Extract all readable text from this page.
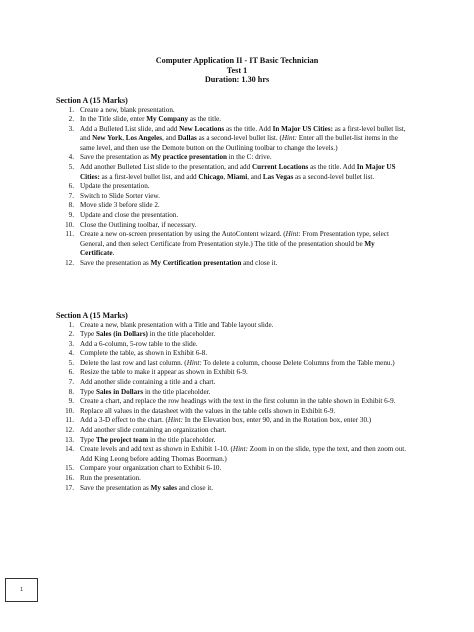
Computer Application II - IT Basic Technician
Test 1
Duration: 1.30 hrs
Section A (15 Marks)
1. Create a new, blank presentation.
2. In the Title slide, enter My Company as the title.
3. Add a Bulleted List slide, and add New Locations as the title. Add In Major US Cities: as a first-level bullet list, and New York, Los Angeles, and Dallas as a second-level bullet list. (Hint: Enter all the bullet-list items in the same level, and then use the Demote button on the Outlining toolbar to change the levels.)
4. Save the presentation as My practice presentation in the C: drive.
5. Add another Bulleted List slide to the presentation, and add Current Locations as the title. Add In Major US Cities: as a first-level bullet list, and add Chicago, Miami, and Las Vegas as a second-level bullet list.
6. Update the presentation.
7. Switch to Slide Sorter view.
8. Move slide 3 before slide 2.
9. Update and close the presentation.
10. Close the Outlining toolbar, if necessary.
11. Create a new on-screen presentation by using the AutoContent wizard. (Hint: From Presentation type, select General, and then select Certificate from Presentation style.) The title of the presentation should be My Certificate.
12. Save the presentation as My Certification presentation and close it.
Section A (15 Marks)
1. Create a new, blank presentation with a Title and Table layout slide.
2. Type Sales (in Dollars) in the title placeholder.
3. Add a 6-column, 5-row table to the slide.
4. Complete the table, as shown in Exhibit 6-8.
5. Delete the last row and last column. (Hint: To delete a column, choose Delete Columns from the Table menu.)
6. Resize the table to make it appear as shown in Exhibit 6-9.
7. Add another slide containing a title and a chart.
8. Type Sales in Dollars in the title placeholder.
9. Create a chart, and replace the row headings with the text in the first column in the table shown in Exhibit 6-9.
10. Replace all values in the datasheet with the values in the table cells shown in Exhibit 6-9.
11. Add a 3-D effect to the chart. (Hint: In the Elevation box, enter 90, and in the Rotation box, enter 30.)
12. Add another slide containing an organization chart.
13. Type The project team in the title placeholder.
14. Create levels and add text as shown in Exhibit 1-10. (Hint: Zoom in on the slide, type the text, and then zoom out. Add King Leong before adding Thomas Boorman.)
15. Compare your organization chart to Exhibit 6-10.
16. Run the presentation.
17. Save the presentation as My sales and close it.
1
